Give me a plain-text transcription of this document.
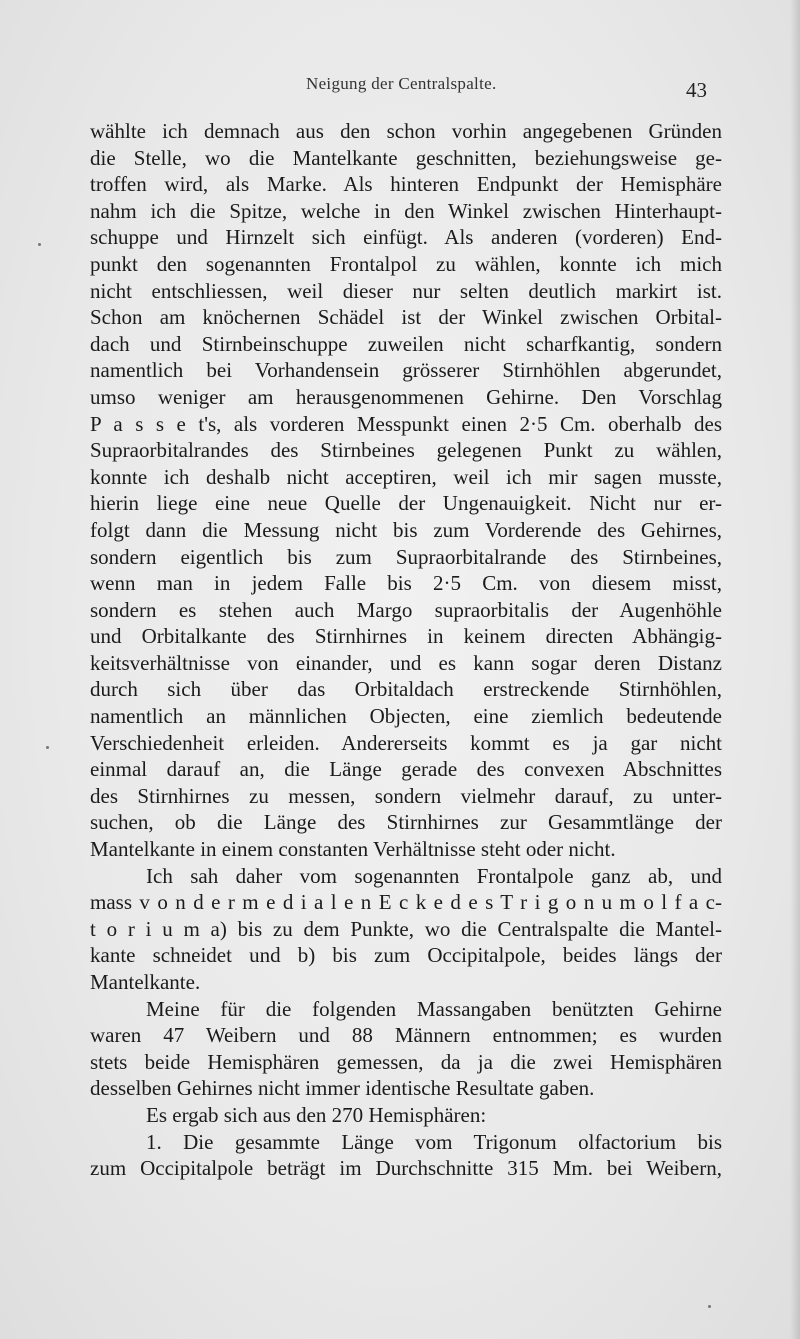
Neigung der Centralspalte.	43
wählte ich demnach aus den schon vorhin angegebenen Gründen
die Stelle, wo die Mantelkante geschnitten, beziehungsweise ge-
troffen wird, als Marke. Als hinteren Endpunkt der Hemisphäre
nahm ich die Spitze, welche in den Winkel zwischen Hinterhaupt-
schuppe und Hirnzelt sich einfügt. Als anderen (vorderen) End-
punkt den sogenannten Frontalpol zu wählen, konnte ich mich
nicht entschliessen, weil dieser nur selten deutlich markirt ist.
Schon am knöchernen Schädel ist der Winkel zwischen Orbital-
dach und Stirnbeinschuppe zuweilen nicht scharfkantig, sondern
namentlich bei Vorhandensein grösserer Stirnhöhlen abgerundet,
umso weniger am herausgenommenen Gehirne. Den Vorschlag
P a s s e t's, als vorderen Messpunkt einen 2·5 Cm. oberhalb des
Supraorbitalrandes des Stirnbeines gelegenen Punkt zu wählen,
konnte ich deshalb nicht acceptiren, weil ich mir sagen musste,
hierin liege eine neue Quelle der Ungenauigkeit. Nicht nur er-
folgt dann die Messung nicht bis zum Vorderende des Gehirnes,
sondern eigentlich bis zum Supraorbitalrande des Stirnbeines,
wenn man in jedem Falle bis 2·5 Cm. von diesem misst,
sondern es stehen auch Margo supraorbitalis der Augenhöhle
und Orbitalkante des Stirnhirnes in keinem directen Abhängig-
keitsverhältnisse von einander, und es kann sogar deren Distanz
durch sich über das Orbitaldach erstreckende Stirnhöhlen,
namentlich an männlichen Objecten, eine ziemlich bedeutende
Verschiedenheit erleiden. Andererseits kommt es ja gar nicht
einmal darauf an, die Länge gerade des convexen Abschnittes
des Stirnhirnes zu messen, sondern vielmehr darauf, zu unter-
suchen, ob die Länge des Stirnhirnes zur Gesammtlänge der
Mantelkante in einem constanten Verhältnisse steht oder nicht.
Ich sah daher vom sogenannten Frontalpole ganz ab, und
mass v o n d e r m e d i a l e n E c k e d e s T r i g o n u m o l f a c-
t o r i u m a) bis zu dem Punkte, wo die Centralspalte die Mantel-
kante schneidet und b) bis zum Occipitalpole, beides längs der
Mantelkante.
Meine für die folgenden Massangaben benützten Gehirne
waren 47 Weibern und 88 Männern entnommen; es wurden
stets beide Hemisphären gemessen, da ja die zwei Hemisphären
desselben Gehirnes nicht immer identische Resultate gaben.
Es ergab sich aus den 270 Hemisphären:
1. Die gesammte Länge vom Trigonum olfactorium bis
zum Occipitalpole beträgt im Durchschnitte 315 Mm. bei Weibern,
